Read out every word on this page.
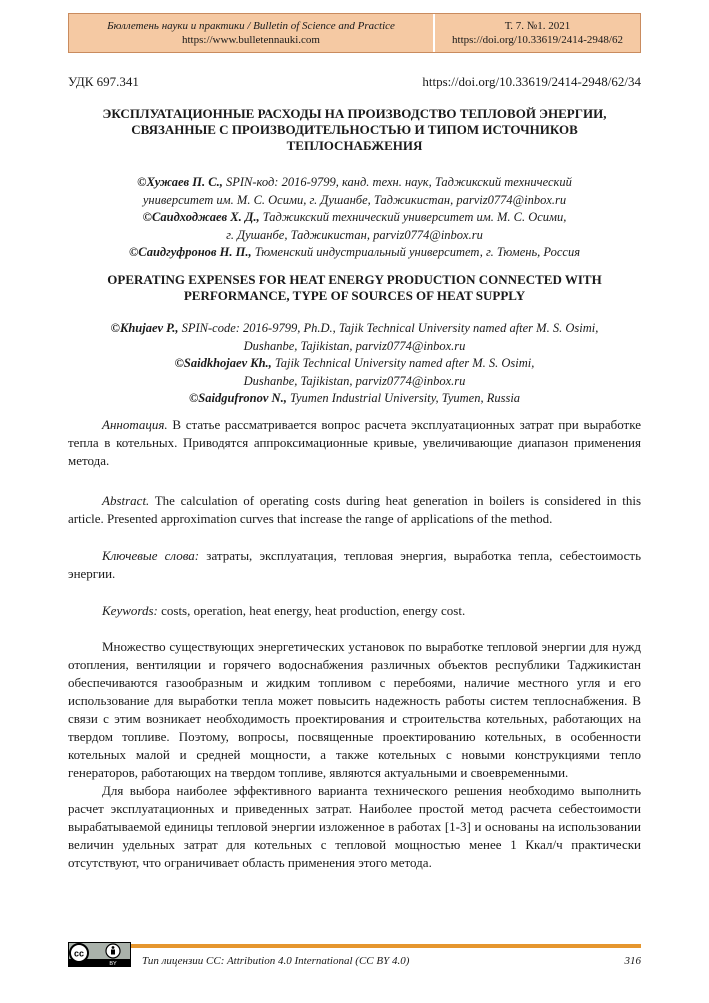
Бюллетень науки и практики / Bulletin of Science and Practice
https://www.bulletennauki.com
Т. 7. №1. 2021
https://doi.org/10.33619/2414-2948/62
УДК 697.341	https://doi.org/10.33619/2414-2948/62/34
ЭКСПЛУАТАЦИОННЫЕ РАСХОДЫ НА ПРОИЗВОДСТВО ТЕПЛОВОЙ ЭНЕРГИИ, СВЯЗАННЫЕ С ПРОИЗВОДИТЕЛЬНОСТЬЮ И ТИПОМ ИСТОЧНИКОВ ТЕПЛОСНАБЖЕНИЯ
©Хужаев П. С., SPIN-код: 2016-9799, канд. техн. наук, Таджикский технический
университет им. М. С. Осими, г. Душанбе, Таджикистан, parviz0774@inbox.ru
©Саидходжаев Х. Д., Таджикский технический университет им. М. С. Осими,
г. Душанбе, Таджикистан, parviz0774@inbox.ru
©Саидгуфронов Н. П., Тюменский индустриальный университет, г. Тюмень, Россия
OPERATING EXPENSES FOR HEAT ENERGY PRODUCTION CONNECTED WITH PERFORMANCE, TYPE OF SOURCES OF HEAT SUPPLY
©Khujaev P., SPIN-code: 2016-9799, Ph.D., Tajik Technical University named after M. S. Osimi,
Dushanbe, Tajikistan, parviz0774@inbox.ru
©Saidkhojaev Kh., Tajik Technical University named after M. S. Osimi,
Dushanbe, Tajikistan, parviz0774@inbox.ru
©Saidgufronov N., Tyumen Industrial University, Tyumen, Russia

Аннотация. В статье рассматривается вопрос расчета эксплуатационных затрат при выработке тепла в котельных. Приводятся аппроксимационные кривые, увеличивающие диапазон применения метода.

Abstract. The calculation of operating costs during heat generation in boilers is considered in this article. Presented approximation curves that increase the range of applications of the method.

Ключевые слова: затраты, эксплуатация, тепловая энергия, выработка тепла, себестоимость энергии.

Keywords: costs, operation, heat energy, heat production, energy cost.

Множество существующих энергетических установок по выработке тепловой энергии для нужд отопления, вентиляции и горячего водоснабжения различных объектов республики Таджикистан обеспечиваются газообразным и жидким топливом с перебоями, наличие местного угля и его использование для выработки тепла может повысить надежность работы систем теплоснабжения. В связи с этим возникает необходимость проектирования и строительства котельных, работающих на твердом топливе. Поэтому, вопросы, посвященные проектированию котельных, в особенности котельных малой и средней мощности, а также котельных с новыми конструкциями тепло генераторов, работающих на твердом топливе, являются актуальными и своевременными.

Для выбора наиболее эффективного варианта технического решения необходимо выполнить расчет эксплуатационных и приведенных затрат. Наиболее простой метод расчета себестоимости вырабатываемой единицы тепловой энергии изложенное в работах [1-3] и основаны на использовании величин удельных затрат для котельных с тепловой мощностью менее 1 Ккал/ч практически отсутствуют, что ограничивает область применения этого метода.

cc
BY Тип лицензии CC: Attribution 4.0 International (CC BY 4.0)	316
